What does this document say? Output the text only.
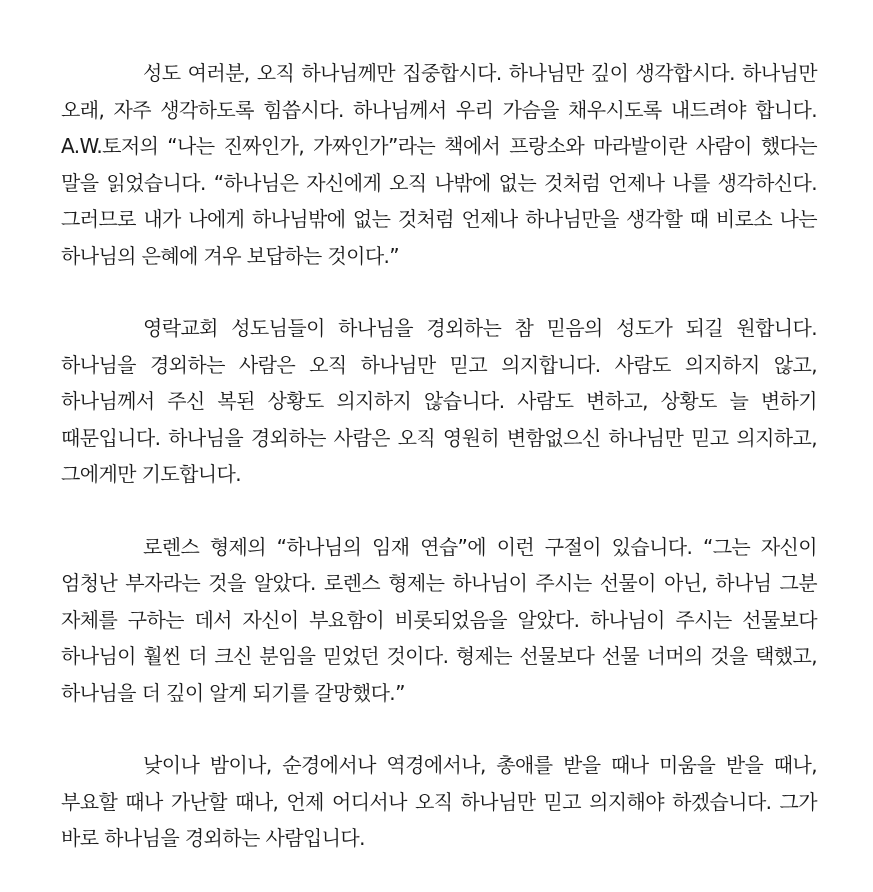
성도 여러분, 오직 하나님께만 집중합시다. 하나님만 깊이 생각합시다. 하나님만 오래, 자주 생각하도록 힘씁시다. 하나님께서 우리 가슴을 채우시도록 내드려야 합니다. A.W.토저의 “나는 진짜인가, 가짜인가”라는 책에서 프랑소와 마라발이란 사람이 했다는 말을 읽었습니다. “하나님은 자신에게 오직 나밖에 없는 것처럼 언제나 나를 생각하신다. 그러므로 내가 나에게 하나님밖에 없는 것처럼 언제나 하나님만을 생각할 때 비로소 나는 하나님의 은혜에 겨우 보답하는 것이다.”

영락교회 성도님들이 하나님을 경외하는 참 믿음의 성도가 되길 원합니다. 하나님을 경외하는 사람은 오직 하나님만 믿고 의지합니다. 사람도 의지하지 않고, 하나님께서 주신 복된 상황도 의지하지 않습니다. 사람도 변하고, 상황도 늘 변하기 때문입니다. 하나님을 경외하는 사람은 오직 영원히 변함없으신 하나님만 믿고 의지하고, 그에게만 기도합니다.

로렌스 형제의 “하나님의 임재 연습”에 이런 구절이 있습니다. “그는 자신이 엄청난 부자라는 것을 알았다. 로렌스 형제는 하나님이 주시는 선물이 아닌, 하나님 그분 자체를 구하는 데서 자신이 부요함이 비롯되었음을 알았다. 하나님이 주시는 선물보다 하나님이 훨씬 더 크신 분임을 믿었던 것이다. 형제는 선물보다 선물 너머의 것을 택했고, 하나님을 더 깊이 알게 되기를 갈망했다.”

낮이나 밤이나, 순경에서나 역경에서나, 총애를 받을 때나 미움을 받을 때나, 부요할 때나 가난할 때나, 언제 어디서나 오직 하나님만 믿고 의지해야 하겠습니다. 그가 바로 하나님을 경외하는 사람입니다.
